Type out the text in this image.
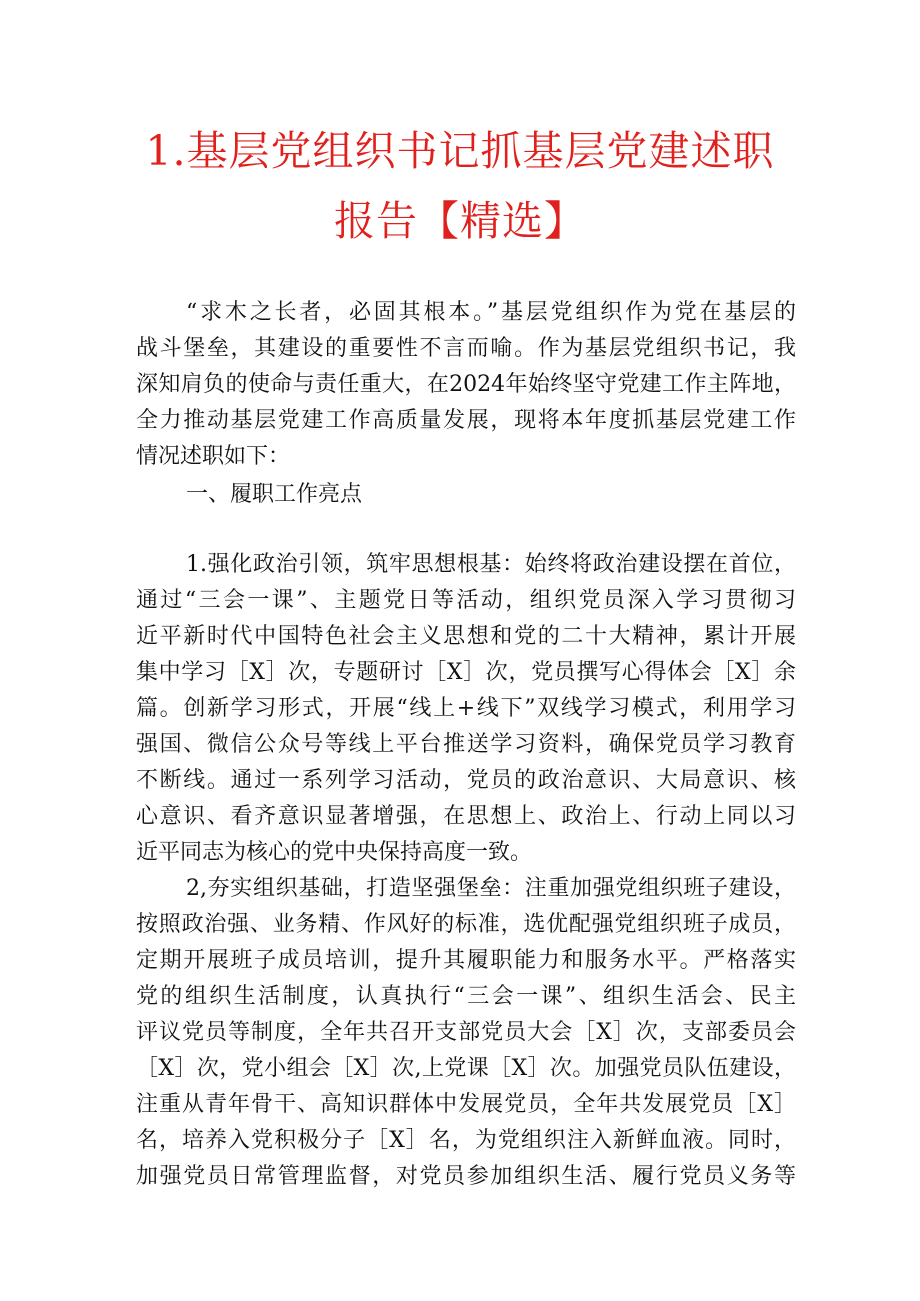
1.基层党组织书记抓基层党建述职
报告【精选】
“求木之长者，必固其根本。”基层党组织作为党在基层的
战斗堡垒，其建设的重要性不言而喻。作为基层党组织书记，我
深知肩负的使命与责任重大，在2024年始终坚守党建工作主阵地，
全力推动基层党建工作高质量发展，现将本年度抓基层党建工作
情况述职如下：
一、履职工作亮点
1.强化政治引领，筑牢思想根基：始终将政治建设摆在首位，
通过“三会一课”、主题党日等活动，组织党员深入学习贯彻习
近平新时代中国特色社会主义思想和党的二十大精神，累计开展
集中学习［X］次，专题研讨［X］次，党员撰写心得体会［X］余
篇。创新学习形式，开展“线上+线下”双线学习模式，利用学习
强国、微信公众号等线上平台推送学习资料，确保党员学习教育
不断线。通过一系列学习活动，党员的政治意识、大局意识、核
心意识、看齐意识显著增强，在思想上、政治上、行动上同以习
近平同志为核心的党中央保持高度一致。
2,夯实组织基础，打造坚强堡垒：注重加强党组织班子建设，
按照政治强、业务精、作风好的标准，选优配强党组织班子成员，
定期开展班子成员培训，提升其履职能力和服务水平。严格落实
党的组织生活制度，认真执行“三会一课”、组织生活会、民主
评议党员等制度，全年共召开支部党员大会［X］次，支部委员会
［X］次，党小组会［X］次,上党课［X］次。加强党员队伍建设，
注重从青年骨干、高知识群体中发展党员，全年共发展党员［X］
名，培养入党积极分子［X］名，为党组织注入新鲜血液。同时，
加强党员日常管理监督，对党员参加组织生活、履行党员义务等
